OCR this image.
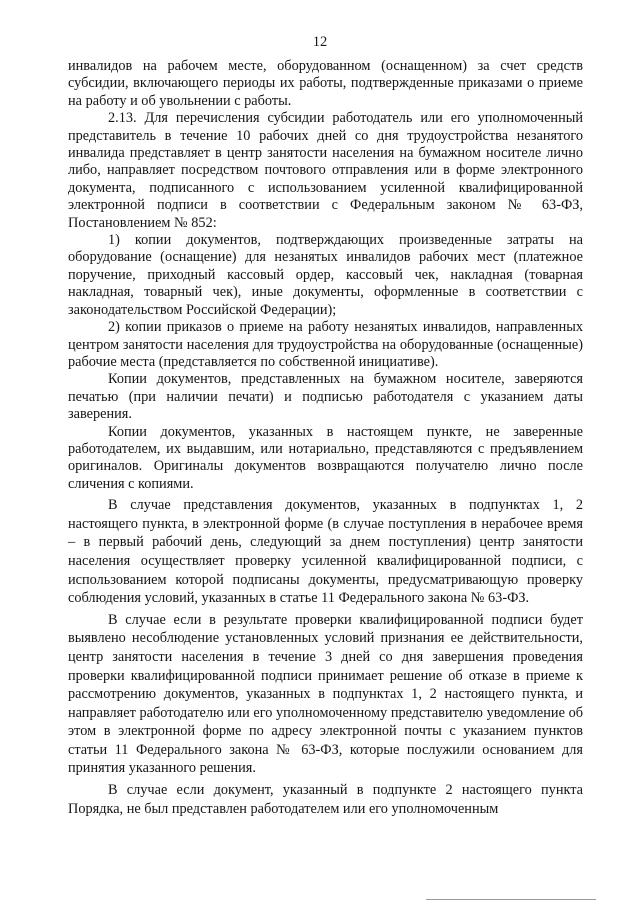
12

инвалидов на рабочем месте, оборудованном (оснащенном) за счет средств субсидии, включающего периоды их работы, подтвержденные приказами о приеме на работу и об увольнении с работы.

2.13. Для перечисления субсидии работодатель или его уполномоченный представитель в течение 10 рабочих дней со дня трудоустройства незанятого инвалида представляет в центр занятости населения на бумажном носителе лично либо, направляет посредством почтового отправления или в форме электронного документа, подписанного с использованием усиленной квалифицированной электронной подписи в соответствии с Федеральным законом № 63-ФЗ, Постановлением № 852:

1) копии документов, подтверждающих произведенные затраты на оборудование (оснащение) для незанятых инвалидов рабочих мест (платежное поручение, приходный кассовый ордер, кассовый чек, накладная (товарная накладная, товарный чек), иные документы, оформленные в соответствии с законодательством Российской Федерации);

2) копии приказов о приеме на работу незанятых инвалидов, направленных центром занятости населения для трудоустройства на оборудованные (оснащенные) рабочие места (представляется по собственной инициативе).

Копии документов, представленных на бумажном носителе, заверяются печатью (при наличии печати) и подписью работодателя с указанием даты заверения.

Копии документов, указанных в настоящем пункте, не заверенные работодателем, их выдавшим, или нотариально, представляются с предъявлением оригиналов. Оригиналы документов возвращаются получателю лично после сличения с копиями.

В случае представления документов, указанных в подпунктах 1, 2 настоящего пункта, в электронной форме (в случае поступления в нерабочее время – в первый рабочий день, следующий за днем поступления) центр занятости населения осуществляет проверку усиленной квалифицированной подписи, с использованием которой подписаны документы, предусматривающую проверку соблюдения условий, указанных в статье 11 Федерального закона № 63-ФЗ.

В случае если в результате проверки квалифицированной подписи будет выявлено несоблюдение установленных условий признания ее действительности, центр занятости населения в течение 3 дней со дня завершения проведения проверки квалифицированной подписи принимает решение об отказе в приеме к рассмотрению документов, указанных в подпунктах 1, 2 настоящего пункта, и направляет работодателю или его уполномоченному представителю уведомление об этом в электронной форме по адресу электронной почты с указанием пунктов статьи 11 Федерального закона № 63-ФЗ, которые послужили основанием для принятия указанного решения.

В случае если документ, указанный в подпункте 2 настоящего пункта Порядка, не был представлен работодателем или его уполномоченным
